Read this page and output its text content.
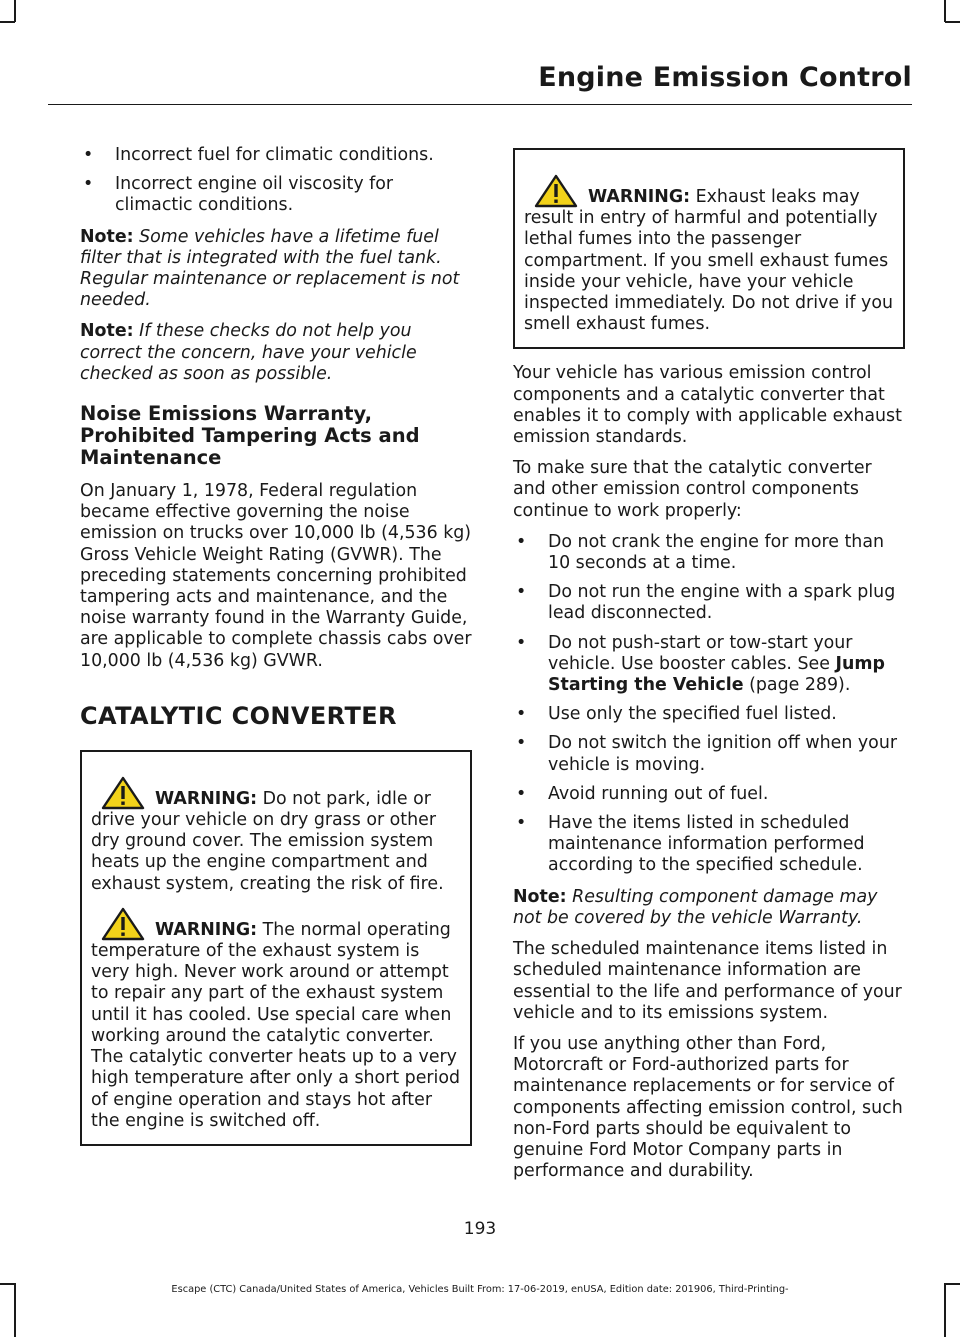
Engine Emission Control
• Incorrect fuel for climatic conditions.
• Incorrect engine oil viscosity for climactic conditions.

Note: Some vehicles have a lifetime fuel filter that is integrated with the fuel tank. Regular maintenance or replacement is not needed.

Note: If these checks do not help you correct the concern, have your vehicle checked as soon as possible.

Noise Emissions Warranty, Prohibited Tampering Acts and Maintenance

On January 1, 1978, Federal regulation became effective governing the noise emission on trucks over 10,000 lb (4,536 kg) Gross Vehicle Weight Rating (GVWR). The preceding statements concerning prohibited tampering acts and maintenance, and the noise warranty found in the Warranty Guide, are applicable to complete chassis cabs over 10,000 lb (4,536 kg) GVWR.

CATALYTIC CONVERTER

WARNING: Do not park, idle or drive your vehicle on dry grass or other dry ground cover. The emission system heats up the engine compartment and exhaust system, creating the risk of fire.

WARNING: The normal operating temperature of the exhaust system is very high. Never work around or attempt to repair any part of the exhaust system until it has cooled. Use special care when working around the catalytic converter. The catalytic converter heats up to a very high temperature after only a short period of engine operation and stays hot after the engine is switched off.

WARNING: Exhaust leaks may result in entry of harmful and potentially lethal fumes into the passenger compartment. If you smell exhaust fumes inside your vehicle, have your vehicle inspected immediately. Do not drive if you smell exhaust fumes.

Your vehicle has various emission control components and a catalytic converter that enables it to comply with applicable exhaust emission standards.

To make sure that the catalytic converter and other emission control components continue to work properly:

• Do not crank the engine for more than 10 seconds at a time.
• Do not run the engine with a spark plug lead disconnected.
• Do not push-start or tow-start your vehicle. Use booster cables. See Jump Starting the Vehicle (page 289).
• Use only the specified fuel listed.
• Do not switch the ignition off when your vehicle is moving.
• Avoid running out of fuel.
• Have the items listed in scheduled maintenance information performed according to the specified schedule.

Note: Resulting component damage may not be covered by the vehicle Warranty.

The scheduled maintenance items listed in scheduled maintenance information are essential to the life and performance of your vehicle and to its emissions system.

If you use anything other than Ford, Motorcraft or Ford-authorized parts for maintenance replacements or for service of components affecting emission control, such non-Ford parts should be equivalent to genuine Ford Motor Company parts in performance and durability.

193
Escape (CTC) Canada/United States of America, Vehicles Built From: 17-06-2019, enUSA, Edition date: 201906, Third-Printing-
